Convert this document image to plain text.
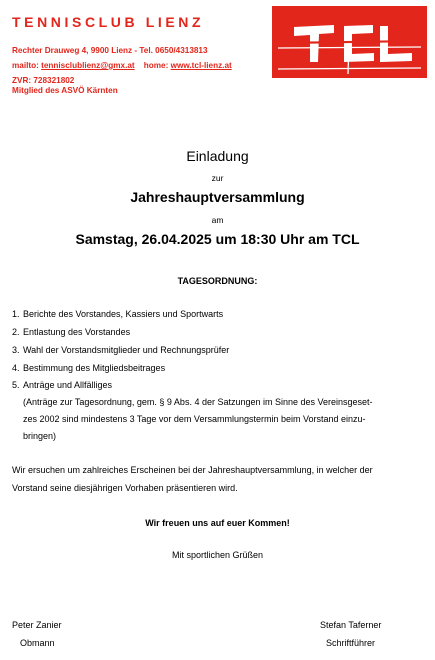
TENNISCLUB LIENZ
Rechter Drauweg 4, 9900 Lienz - Tel. 0650/4313813
mailto: tennisclublienz@gmx.at home: www.tcl-lienz.at
ZVR: 728321802
Mitglied des ASVÖ Kärnten
TCL
Einladung
zur
Jahreshauptversammlung
am
Samstag, 26.04.2025 um 18:30 Uhr am TCL
TAGESORDNUNG:
1. Berichte des Vorstandes, Kassiers und Sportwarts
2. Entlastung des Vorstandes
3. Wahl der Vorstandsmitglieder und Rechnungsprüfer
4. Bestimmung des Mitgliedsbeitrages
5. Anträge und Allfälliges
(Anträge zur Tagesordnung, gem. § 9 Abs. 4 der Satzungen im Sinne des Vereinsgeset-
zes 2002 sind mindestens 3 Tage vor dem Versammlungstermin beim Vorstand einzu-
bringen)
Wir ersuchen um zahlreiches Erscheinen bei der Jahreshauptversammlung, in welcher der
Vorstand seine diesjährigen Vorhaben präsentieren wird.
Wir freuen uns auf euer Kommen!
Mit sportlichen Grüßen
Peter Zanier
Obmann
Stefan Taferner
Schriftführer
